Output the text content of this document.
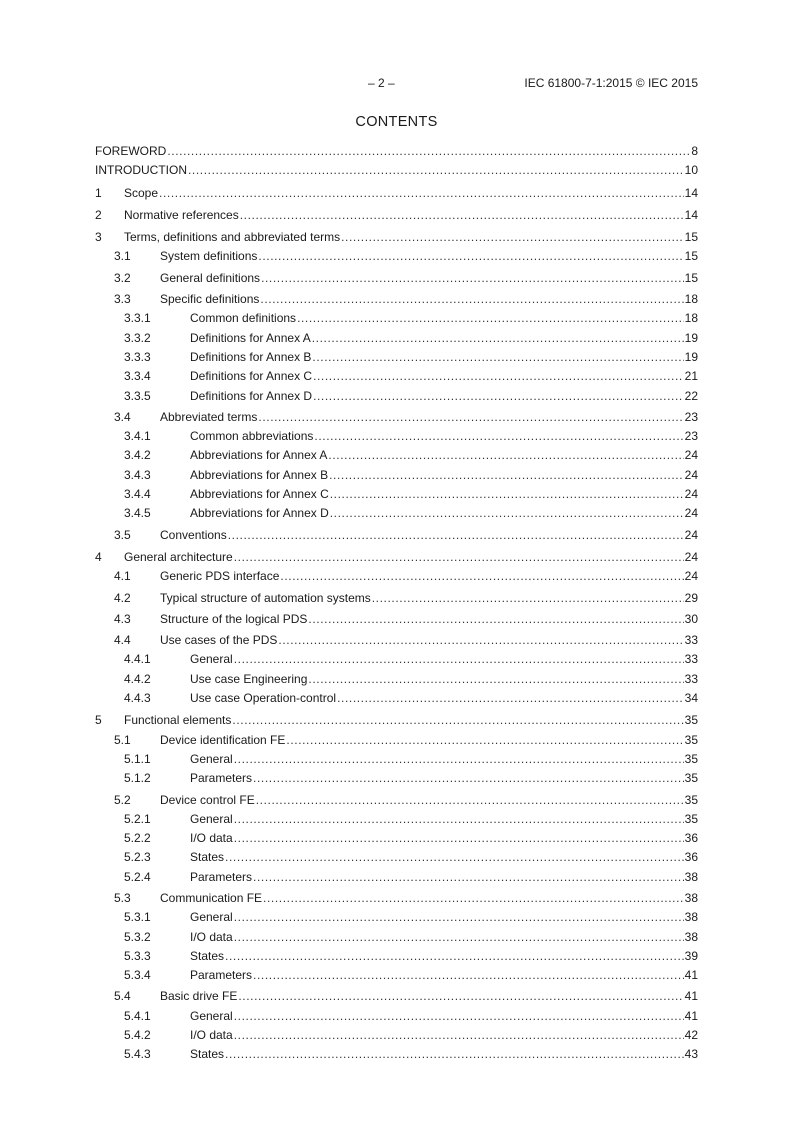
– 2 –	IEC 61800-7-1:2015 © IEC 2015
CONTENTS
FOREWORD .....	8
INTRODUCTION .....	10
1	Scope .....	14
2	Normative references .....	14
3	Terms, definitions and abbreviated terms .....	15
3.1	System definitions .....	15
3.2	General definitions .....	15
3.3	Specific definitions .....	18
3.3.1	Common definitions .....	18
3.3.2	Definitions for Annex A .....	19
3.3.3	Definitions for Annex B .....	19
3.3.4	Definitions for Annex C .....	21
3.3.5	Definitions for Annex D .....	22
3.4	Abbreviated terms .....	23
3.4.1	Common abbreviations .....	23
3.4.2	Abbreviations for Annex A .....	24
3.4.3	Abbreviations for Annex B .....	24
3.4.4	Abbreviations for Annex C .....	24
3.4.5	Abbreviations for Annex D .....	24
3.5	Conventions .....	24
4	General architecture .....	24
4.1	Generic PDS interface .....	24
4.2	Typical structure of automation systems .....	29
4.3	Structure of the logical PDS .....	30
4.4	Use cases of the PDS .....	33
4.4.1	General .....	33
4.4.2	Use case Engineering .....	33
4.4.3	Use case Operation-control .....	34
5	Functional elements .....	35
5.1	Device identification FE .....	35
5.1.1	General .....	35
5.1.2	Parameters .....	35
5.2	Device control FE .....	35
5.2.1	General .....	35
5.2.2	I/O data .....	36
5.2.3	States .....	36
5.2.4	Parameters .....	38
5.3	Communication FE .....	38
5.3.1	General .....	38
5.3.2	I/O data .....	38
5.3.3	States .....	39
5.3.4	Parameters .....	41
5.4	Basic drive FE .....	41
5.4.1	General .....	41
5.4.2	I/O data .....	42
5.4.3	States .....	43
